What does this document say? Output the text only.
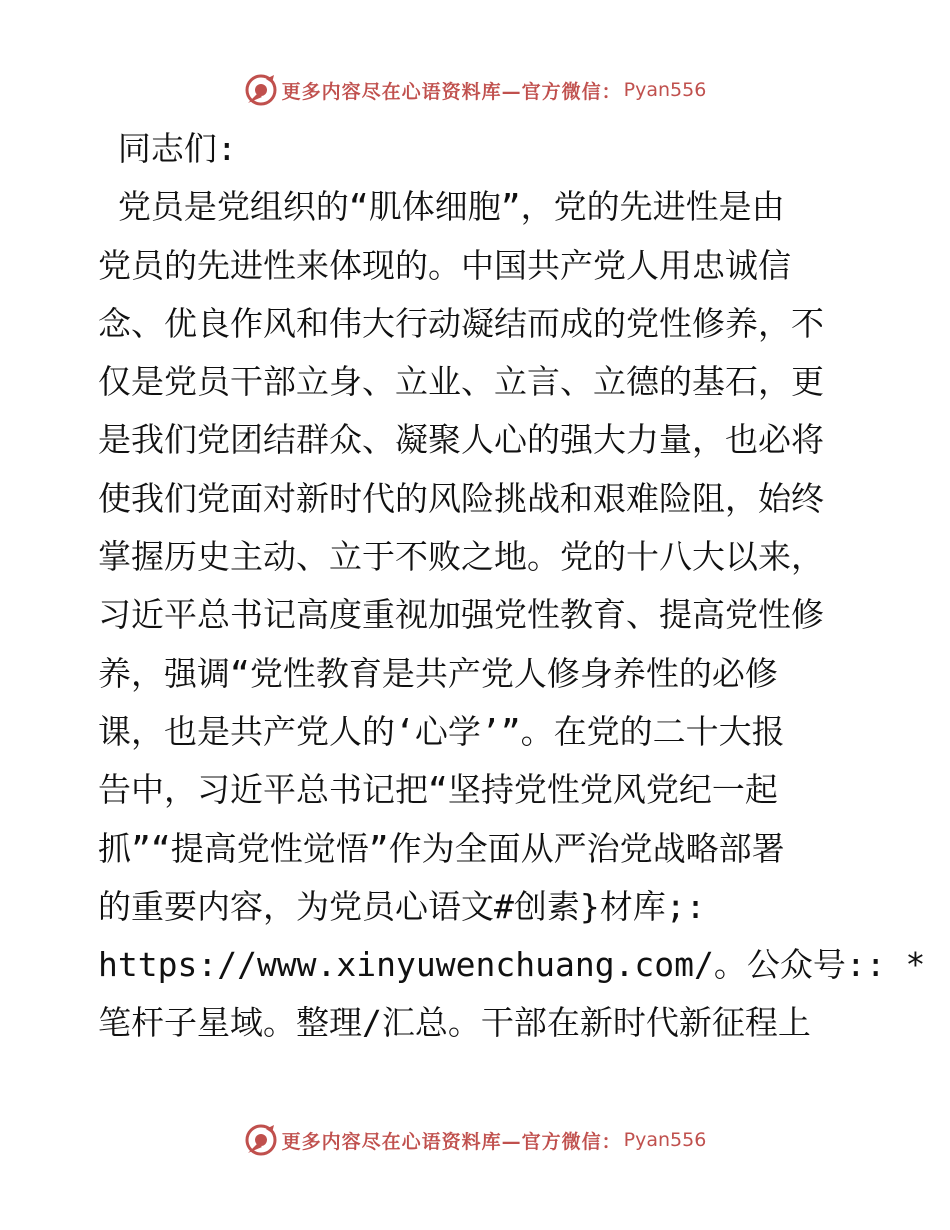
更多内容尽在心语资料库—官方微信： Pyan556
同志们:
党员是党组织的“肌体细胞”，党的先进性是由
党员的先进性来体现的。中国共产党人用忠诚信
念、优良作风和伟大行动凝结而成的党性修养，不
仅是党员干部立身、立业、立言、立德的基石，更
是我们党团结群众、凝聚人心的强大力量，也必将
使我们党面对新时代的风险挑战和艰难险阻，始终
掌握历史主动、立于不败之地。党的十八大以来，
习近平总书记高度重视加强党性教育、提高党性修
养，强调“党性教育是共产党人修身养性的必修
课，也是共产党人的‘心学’”。在党的二十大报
告中，习近平总书记把“坚持党性党风党纪一起
抓”“提高党性觉悟”作为全面从严治党战略部署
的重要内容，为党员心语文#创素}材库;:
https://www.xinyuwenchuang.com/。公众号:: *
笔杆子星域。整理/汇总。干部在新时代新征程上
更多内容尽在心语资料库—官方微信： Pyan556
